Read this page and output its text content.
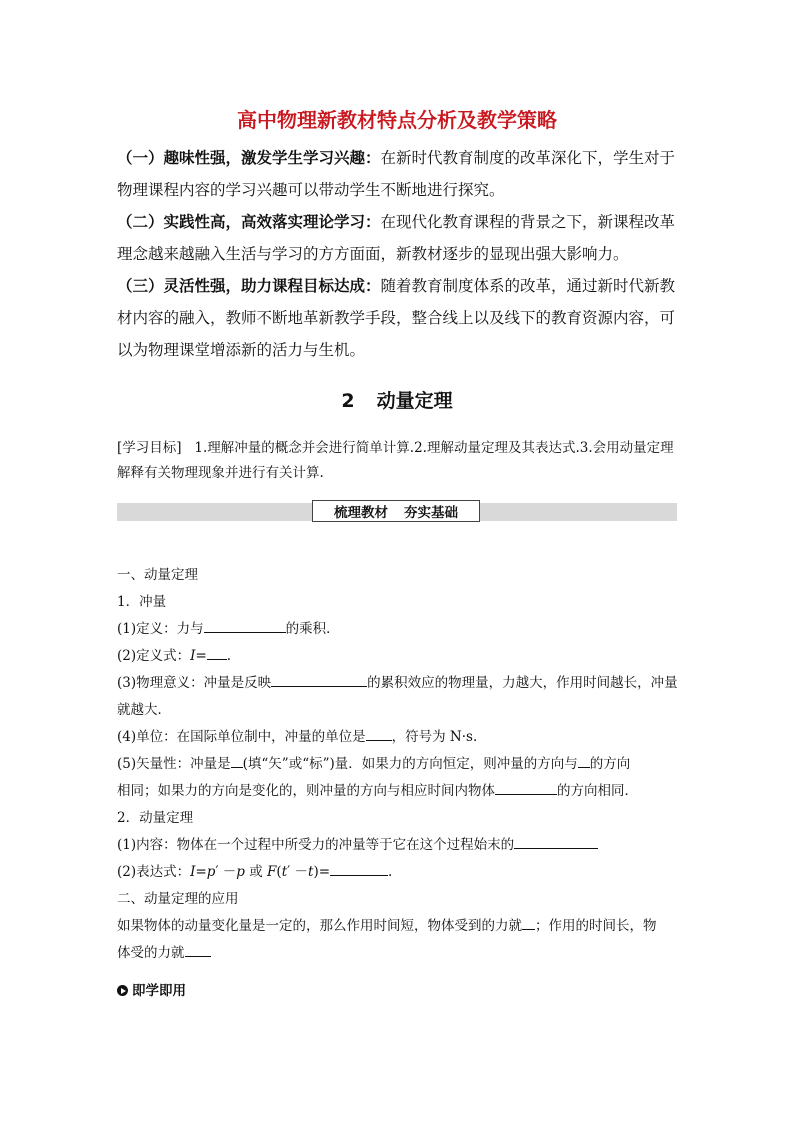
高中物理新教材特点分析及教学策略
（一）趣味性强，激发学生学习兴趣：在新时代教育制度的改革深化下，学生对于物理课程内容的学习兴趣可以带动学生不断地进行探究。
（二）实践性高，高效落实理论学习：在现代化教育课程的背景之下，新课程改革理念越来越融入生活与学习的方方面面，新教材逐步的显现出强大影响力。
（三）灵活性强，助力课程目标达成：随着教育制度体系的改革，通过新时代新教材内容的融入，教师不断地革新教学手段，整合线上以及线下的教育资源内容，可以为物理课堂增添新的活力与生机。
2 动量定理
[学习目标] 1.理解冲量的概念并会进行简单计算.2.理解动量定理及其表达式.3.会用动量定理解释有关物理现象并进行有关计算.
梳理教材 夯实基础
一、动量定理
1．冲量
(1)定义：力与	的乘积．
(2)定义式：I= .
(3)物理意义：冲量是反映	的累积效应的物理量，力越大，作用时间越长，冲量就越大．
(4)单位：在国际单位制中，冲量的单位是 ，符号为 N·s.
(5)矢量性：冲量是 (填“矢”或“标”)量．如果力的方向恒定，则冲量的方向与 的方向
相同；如果力的方向是变化的，则冲量的方向与相应时间内物体	的方向相同．
2．动量定理
(1)内容：物体在一个过程中所受力的冲量等于它在这个过程始末的
(2)表达式：I=p′ －p 或 F(t′ －t)=	.
二、动量定理的应用
如果物体的动量变化量是一定的，那么作用时间短，物体受到的力就 ；作用的时间长，物
体受的力就
即学即用
